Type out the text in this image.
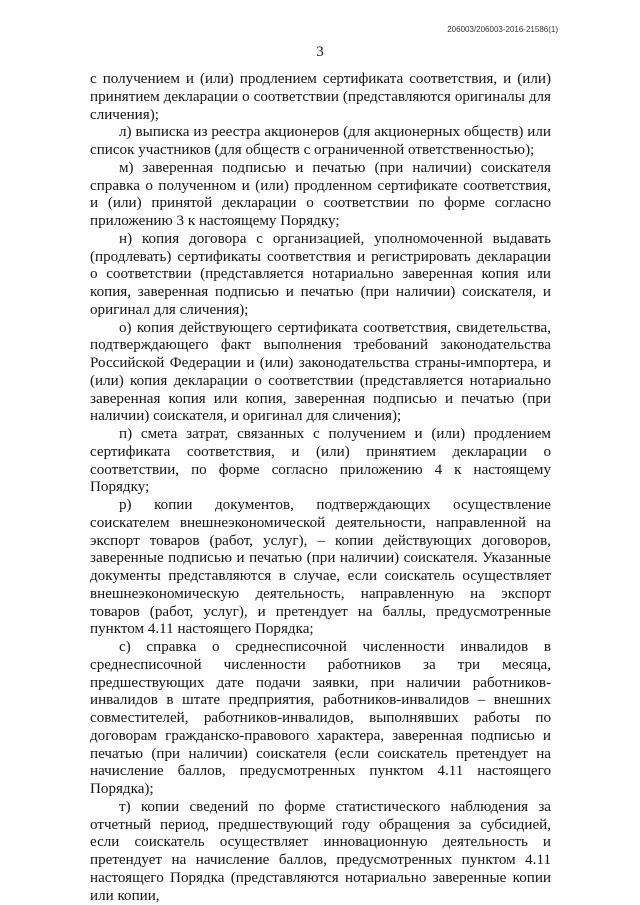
206003/206003-2016-21586(1)
3

с получением и (или) продлением сертификата соответствия, и (или) принятием декларации о соответствии (представляются оригиналы для сличения);

л) выписка из реестра акционеров (для акционерных обществ) или список участников (для обществ с ограниченной ответственностью);

м) заверенная подписью и печатью (при наличии) соискателя справка о полученном и (или) продленном сертификате соответствия, и (или) принятой декларации о соответствии по форме согласно приложению 3 к настоящему Порядку;

н) копия договора с организацией, уполномоченной выдавать (продлевать) сертификаты соответствия и регистрировать декларации о соответствии (представляется нотариально заверенная копия или копия, заверенная подписью и печатью (при наличии) соискателя, и оригинал для сличения);

о) копия действующего сертификата соответствия, свидетельства, подтверждающего факт выполнения требований законодательства Российской Федерации и (или) законодательства страны-импортера, и (или) копия декларации о соответствии (представляется нотариально заверенная копия или копия, заверенная подписью и печатью (при наличии) соискателя, и оригинал для сличения);

п) смета затрат, связанных с получением и (или) продлением сертификата соответствия, и (или) принятием декларации о соответствии, по форме согласно приложению 4 к настоящему Порядку;

р) копии документов, подтверждающих осуществление соискателем внешнеэкономической деятельности, направленной на экспорт товаров (работ, услуг), – копии действующих договоров, заверенные подписью и печатью (при наличии) соискателя. Указанные документы представляются в случае, если соискатель осуществляет внешнеэкономическую деятельность, направленную на экспорт товаров (работ, услуг), и претендует на баллы, предусмотренные пунктом 4.11 настоящего Порядка;

с) справка о среднесписочной численности инвалидов в среднесписочной численности работников за три месяца, предшествующих дате подачи заявки, при наличии работников-инвалидов в штате предприятия, работников-инвалидов – внешних совместителей, работников-инвалидов, выполнявших работы по договорам гражданско-правового характера, заверенная подписью и печатью (при наличии) соискателя (если соискатель претендует на начисление баллов, предусмотренных пунктом 4.11 настоящего Порядка);

т) копии сведений по форме статистического наблюдения за отчетный период, предшествующий году обращения за субсидией, если соискатель осуществляет инновационную деятельность и претендует на начисление баллов, предусмотренных пунктом 4.11 настоящего Порядка (представляются нотариально заверенные копии или копии,
